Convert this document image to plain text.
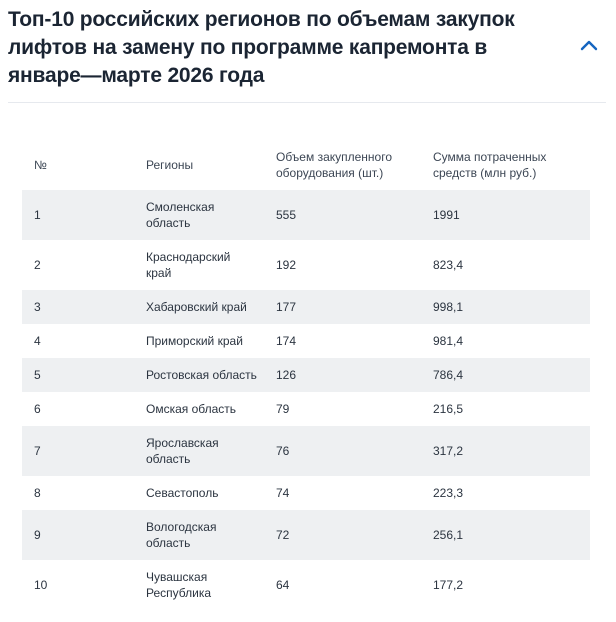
Топ-10 российских регионов по объемам закупок лифтов на замену по программе капремонта в январе—марте 2026 года
№	Регионы	Объем закупленного оборудования (шт.)	Сумма потраченных средств (млн руб.)
1	Смоленская область	555	1991
2	Краснодарский край	192	823,4
3	Хабаровский край	177	998,1
4	Приморский край	174	981,4
5	Ростовская область	126	786,4
6	Омская область	79	216,5
7	Ярославская область	76	317,2
8	Севастополь	74	223,3
9	Вологодская область	72	256,1
10	Чувашская Республика	64	177,2
